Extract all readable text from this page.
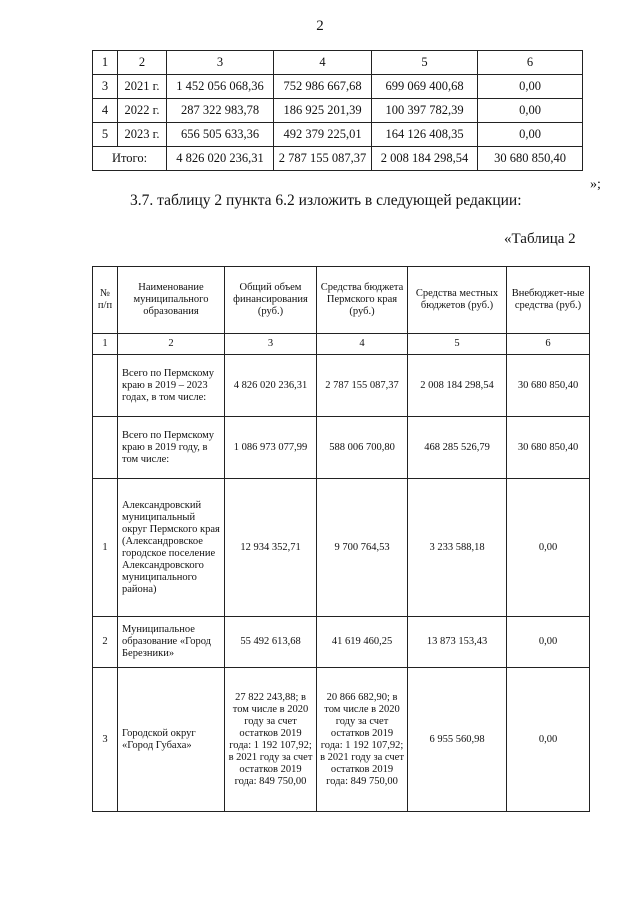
2
1	2	3	4	5	6
3	2021 г.	1 452 056 068,36	752 986 667,68	699 069 400,68	0,00
4	2022 г.	287 322 983,78	186 925 201,39	100 397 782,39	0,00
5	2023 г.	656 505 633,36	492 379 225,01	164 126 408,35	0,00
Итого:		4 826 020 236,31	2 787 155 087,37	2 008 184 298,54	30 680 850,40
»;
3.7. таблицу 2 пункта 6.2 изложить в следующей редакции:
«Таблица 2
№ п/п	Наименование муниципального образования	Общий объем финансирования (руб.)	Средства бюджета Пермского края (руб.)	Средства местных бюджетов (руб.)	Внебюджет-ные средства (руб.)
1	2	3	4	5	6
	Всего по Пермскому краю в 2019 – 2023 годах, в том числе:	4 826 020 236,31	2 787 155 087,37	2 008 184 298,54	30 680 850,40
	Всего по Пермскому краю в 2019 году, в том числе:	1 086 973 077,99	588 006 700,80	468 285 526,79	30 680 850,40
1	Александровский муниципальный округ Пермского края (Александровское городское поселение Александровского муниципального района)	12 934 352,71	9 700 764,53	3 233 588,18	0,00
2	Муниципальное образование «Город Березники»	55 492 613,68	41 619 460,25	13 873 153,43	0,00
3	Городской округ «Город Губаха»	27 822 243,88; в том числе в 2020 году за счет остатков 2019 года: 1 192 107,92; в 2021 году за счет остатков 2019 года: 849 750,00	20 866 682,90; в том числе в 2020 году за счет остатков 2019 года: 1 192 107,92; в 2021 году за счет остатков 2019 года: 849 750,00	6 955 560,98	0,00
